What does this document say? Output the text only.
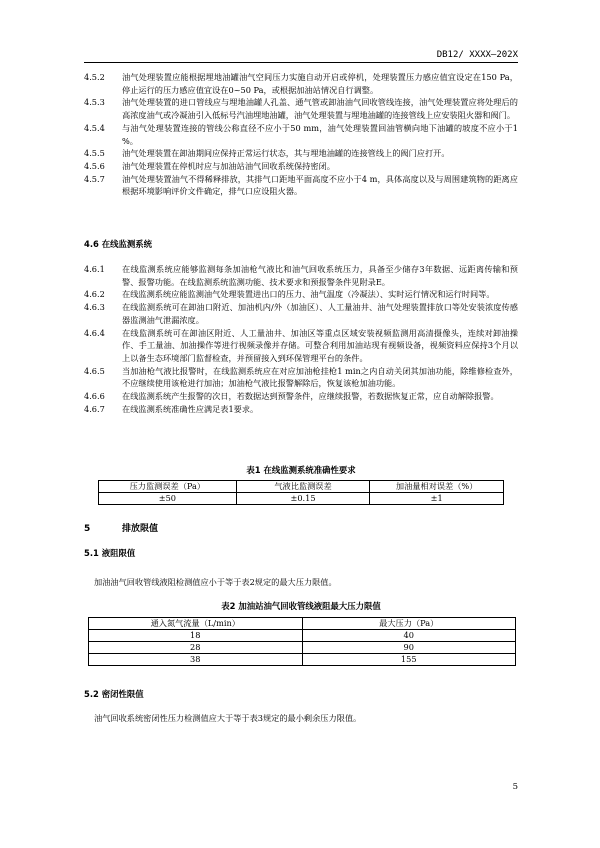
DB12/ XXXX—202X
4.5.2	油气处理装置应能根据埋地油罐油气空间压力实施自动开启或停机，处理装置压力感应值宜设定在150 Pa，停止运行的压力感应值宜设在0~50 Pa，或根据加油站情况自行调整。
4.5.3	油气处理装置的进口管线应与埋地油罐人孔盖、通气管或卸油油气回收管线连接，油气处理装置应将处理后的高浓度油气或冷凝油引入低标号汽油埋地油罐，油气处理装置与埋地油罐的连接管线上应安装阻火器和阀门。
4.5.4	与油气处理装置连接的管线公称直径不应小于50 mm，油气处理装置回油管横向地下油罐的坡度不应小于1 %。
4.5.5	油气处理装置在卸油期间应保持正常运行状态，其与埋地油罐的连接管线上的阀门应打开。
4.5.6	油气处理装置在停机时应与加油站油气回收系统保持密闭。
4.5.7	油气处理装置油气不得稀释排放，其排气口距地平面高度不应小于4 m，具体高度以及与周围建筑物的距离应根据环境影响评价文件确定，排气口应设阻火器。
4.6 在线监测系统
4.6.1	在线监测系统应能够监测每条加油枪气液比和油气回收系统压力，具备至少储存3年数据、远距离传输和预警、报警功能。在线监测系统监测功能、技术要求和预报警条件见附录E。
4.6.2	在线监测系统应能监测油气处理装置进出口的压力、油气温度（冷凝法）、实时运行情况和运行时间等。
4.6.3	在线监测系统可在卸油口附近、加油机内/外（加油区）、人工量油井、油气处理装置排放口等处安装浓度传感器监测油气泄漏浓度。
4.6.4	在线监测系统可在卸油区附近、人工量油井、加油区等重点区域安装视频监测用高清摄像头，连续对卸油操作、手工量油、加油操作等进行视频录像并存储。可整合利用加油站现有视频设备，视频资料应保持3个月以上以备生态环境部门监督检查，并预留接入到环保管理平台的条件。
4.6.5	当加油枪气液比报警时，在线监测系统应在对应加油枪挂枪1 min之内自动关闭其加油功能，除维修检查外，不应继续使用该枪进行加油；加油枪气液比报警解除后，恢复该枪加油功能。
4.6.6	在线监测系统产生报警的次日，若数据达到预警条件，应继续报警，若数据恢复正常，应自动解除报警。
4.6.7	在线监测系统准确性应满足表1要求。
表1 在线监测系统准确性要求
压力监测误差（Pa）	气液比监测误差	加油量相对误差（%）
±50	±0.15	±1
5	排放限值
5.1 液阻限值
加油油气回收管线液阻检测值应小于等于表2规定的最大压力限值。
表2 加油站油气回收管线液阻最大压力限值
通入氮气流量（L/min）	最大压力（Pa）
18	40
28	90
38	155
5.2 密闭性限值
油气回收系统密闭性压力检测值应大于等于表3规定的最小剩余压力限值。
5
